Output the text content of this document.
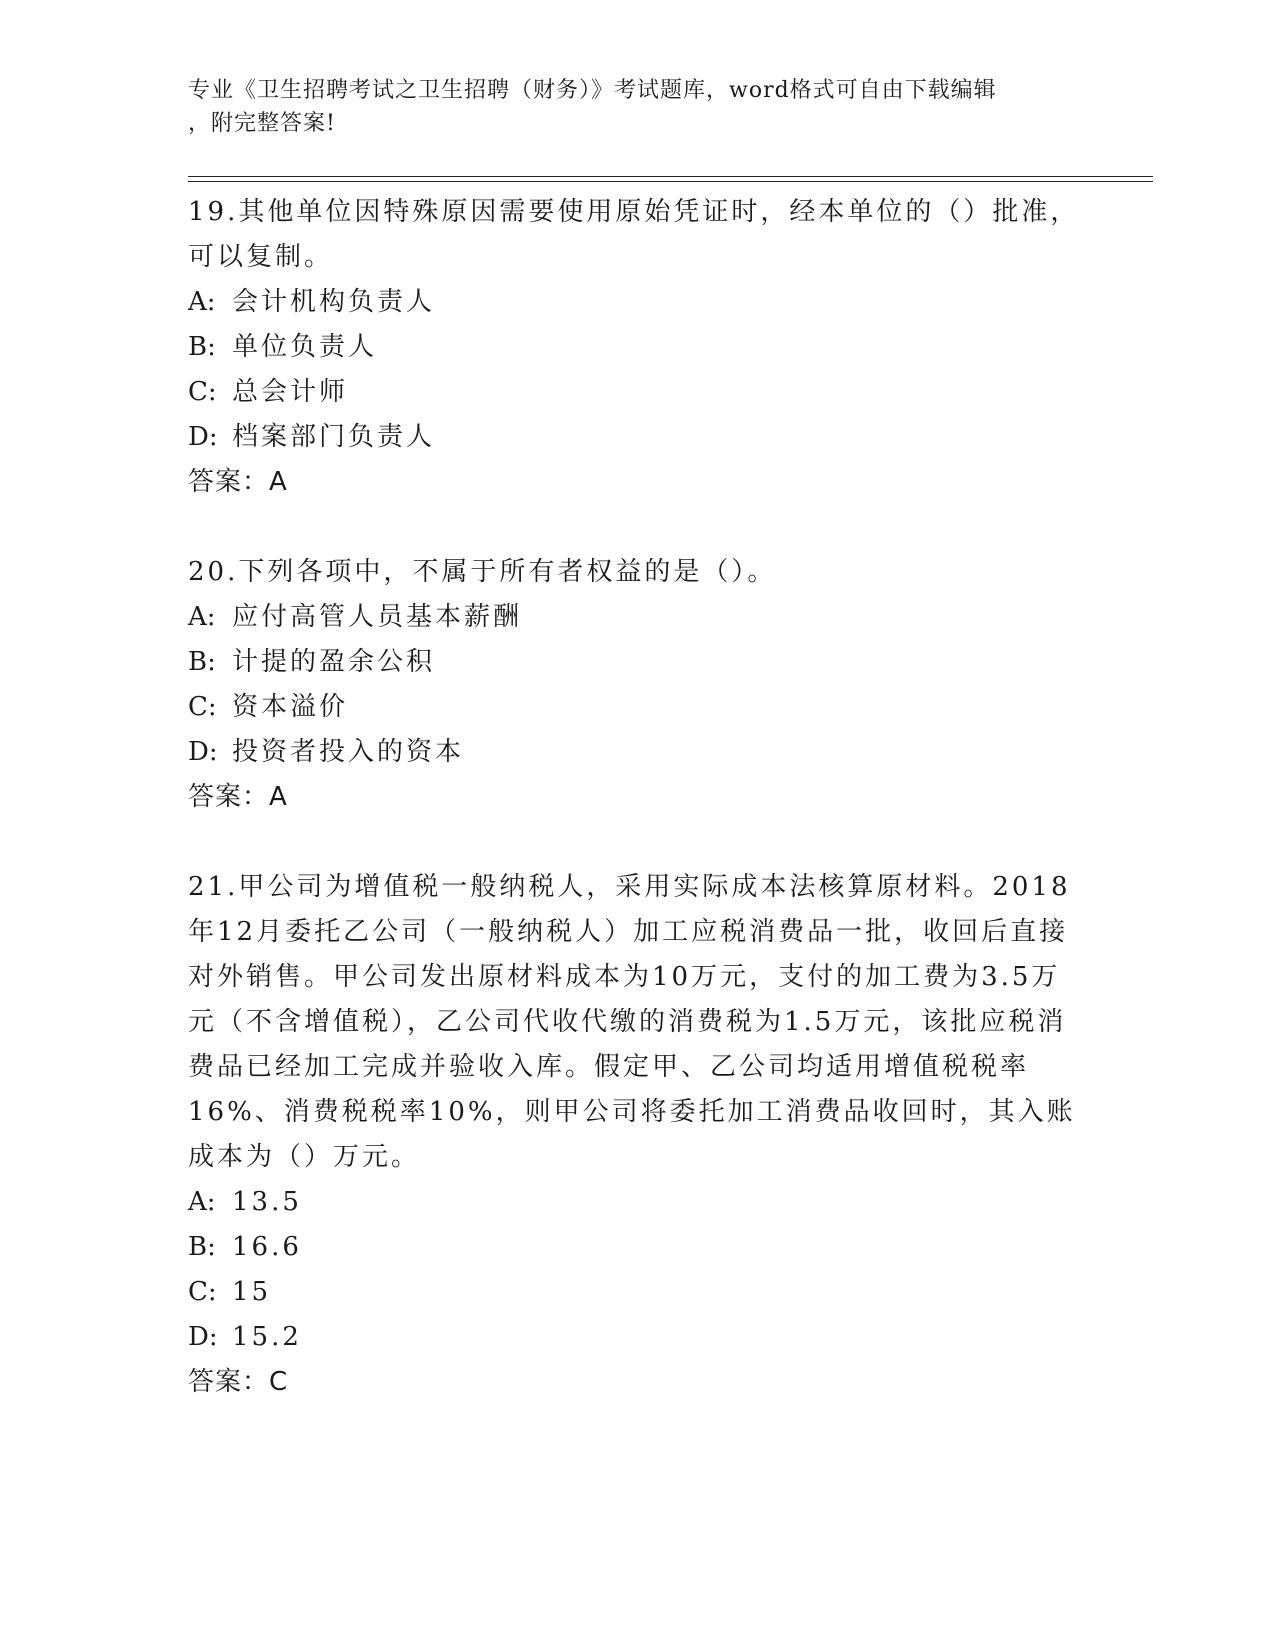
专业《卫生招聘考试之卫生招聘（财务）》考试题库，word格式可自由下载编辑
，附完整答案!

19.其他单位因特殊原因需要使用原始凭证时，经本单位的（）批准，可以复制。

A: 会计机构负责人
B: 单位负责人
C: 总会计师
D: 档案部门负责人
答案：A

20.下列各项中，不属于所有者权益的是（）。

A: 应付高管人员基本薪酬
B: 计提的盈余公积
C: 资本溢价
D: 投资者投入的资本
答案：A

21.甲公司为增值税一般纳税人，采用实际成本法核算原材料。2018年12月委托乙公司（一般纳税人）加工应税消费品一批，收回后直接对外销售。甲公司发出原材料成本为10万元，支付的加工费为3.5万元（不含增值税），乙公司代收代缴的消费税为1.5万元，该批应税消费品已经加工完成并验收入库。假定甲、乙公司均适用增值税税率16%、消费税税率10%，则甲公司将委托加工消费品收回时，其入账成本为（）万元。

A: 13.5
B: 16.6
C: 15
D: 15.2
答案：C
